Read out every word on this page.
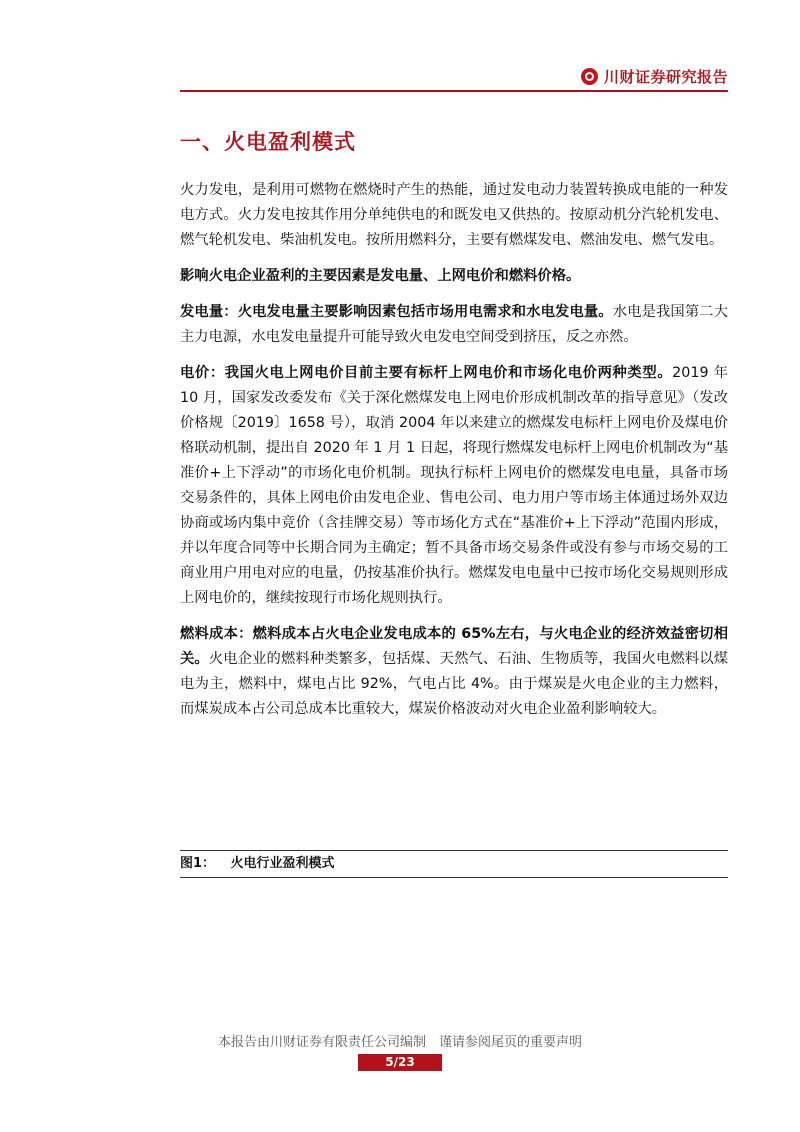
川财证券研究报告
一、火电盈利模式

火力发电，是利用可燃物在燃烧时产生的热能，通过发电动力装置转换成电能的一种发电方式。火力发电按其作用分单纯供电的和既发电又供热的。按原动机分汽轮机发电、燃气轮机发电、柴油机发电。按所用燃料分，主要有燃煤发电、燃油发电、燃气发电。

影响火电企业盈利的主要因素是发电量、上网电价和燃料价格。

发电量：火电发电量主要影响因素包括市场用电需求和水电发电量。水电是我国第二大主力电源，水电发电量提升可能导致火电发电空间受到挤压，反之亦然。

电价：我国火电上网电价目前主要有标杆上网电价和市场化电价两种类型。2019 年 10 月，国家发改委发布《关于深化燃煤发电上网电价形成机制改革的指导意见》（发改价格规〔2019〕1658 号），取消 2004 年以来建立的燃煤发电标杆上网电价及煤电价格联动机制，提出自 2020 年 1 月 1 日起，将现行燃煤发电标杆上网电价机制改为“基准价+上下浮动”的市场化电价机制。现执行标杆上网电价的燃煤发电电量，具备市场交易条件的，具体上网电价由发电企业、售电公司、电力用户等市场主体通过场外双边协商或场内集中竞价（含挂牌交易）等市场化方式在“基准价+上下浮动”范围内形成，并以年度合同等中长期合同为主确定；暂不具备市场交易条件或没有参与市场交易的工商业用户用电对应的电量，仍按基准价执行。燃煤发电电量中已按市场化交易规则形成上网电价的，继续按现行市场化规则执行。

燃料成本：燃料成本占火电企业发电成本的 65%左右，与火电企业的经济效益密切相关。火电企业的燃料种类繁多，包括煤、天然气、石油、生物质等，我国火电燃料以煤电为主，燃料中，煤电占比 92%，气电占比 4%。由于煤炭是火电企业的主力燃料，而煤炭成本占公司总成本比重较大，煤炭价格波动对火电企业盈利影响较大。

图1： 火电行业盈利模式
本报告由川财证券有限责任公司编制　谨请参阅尾页的重要声明
5/23
